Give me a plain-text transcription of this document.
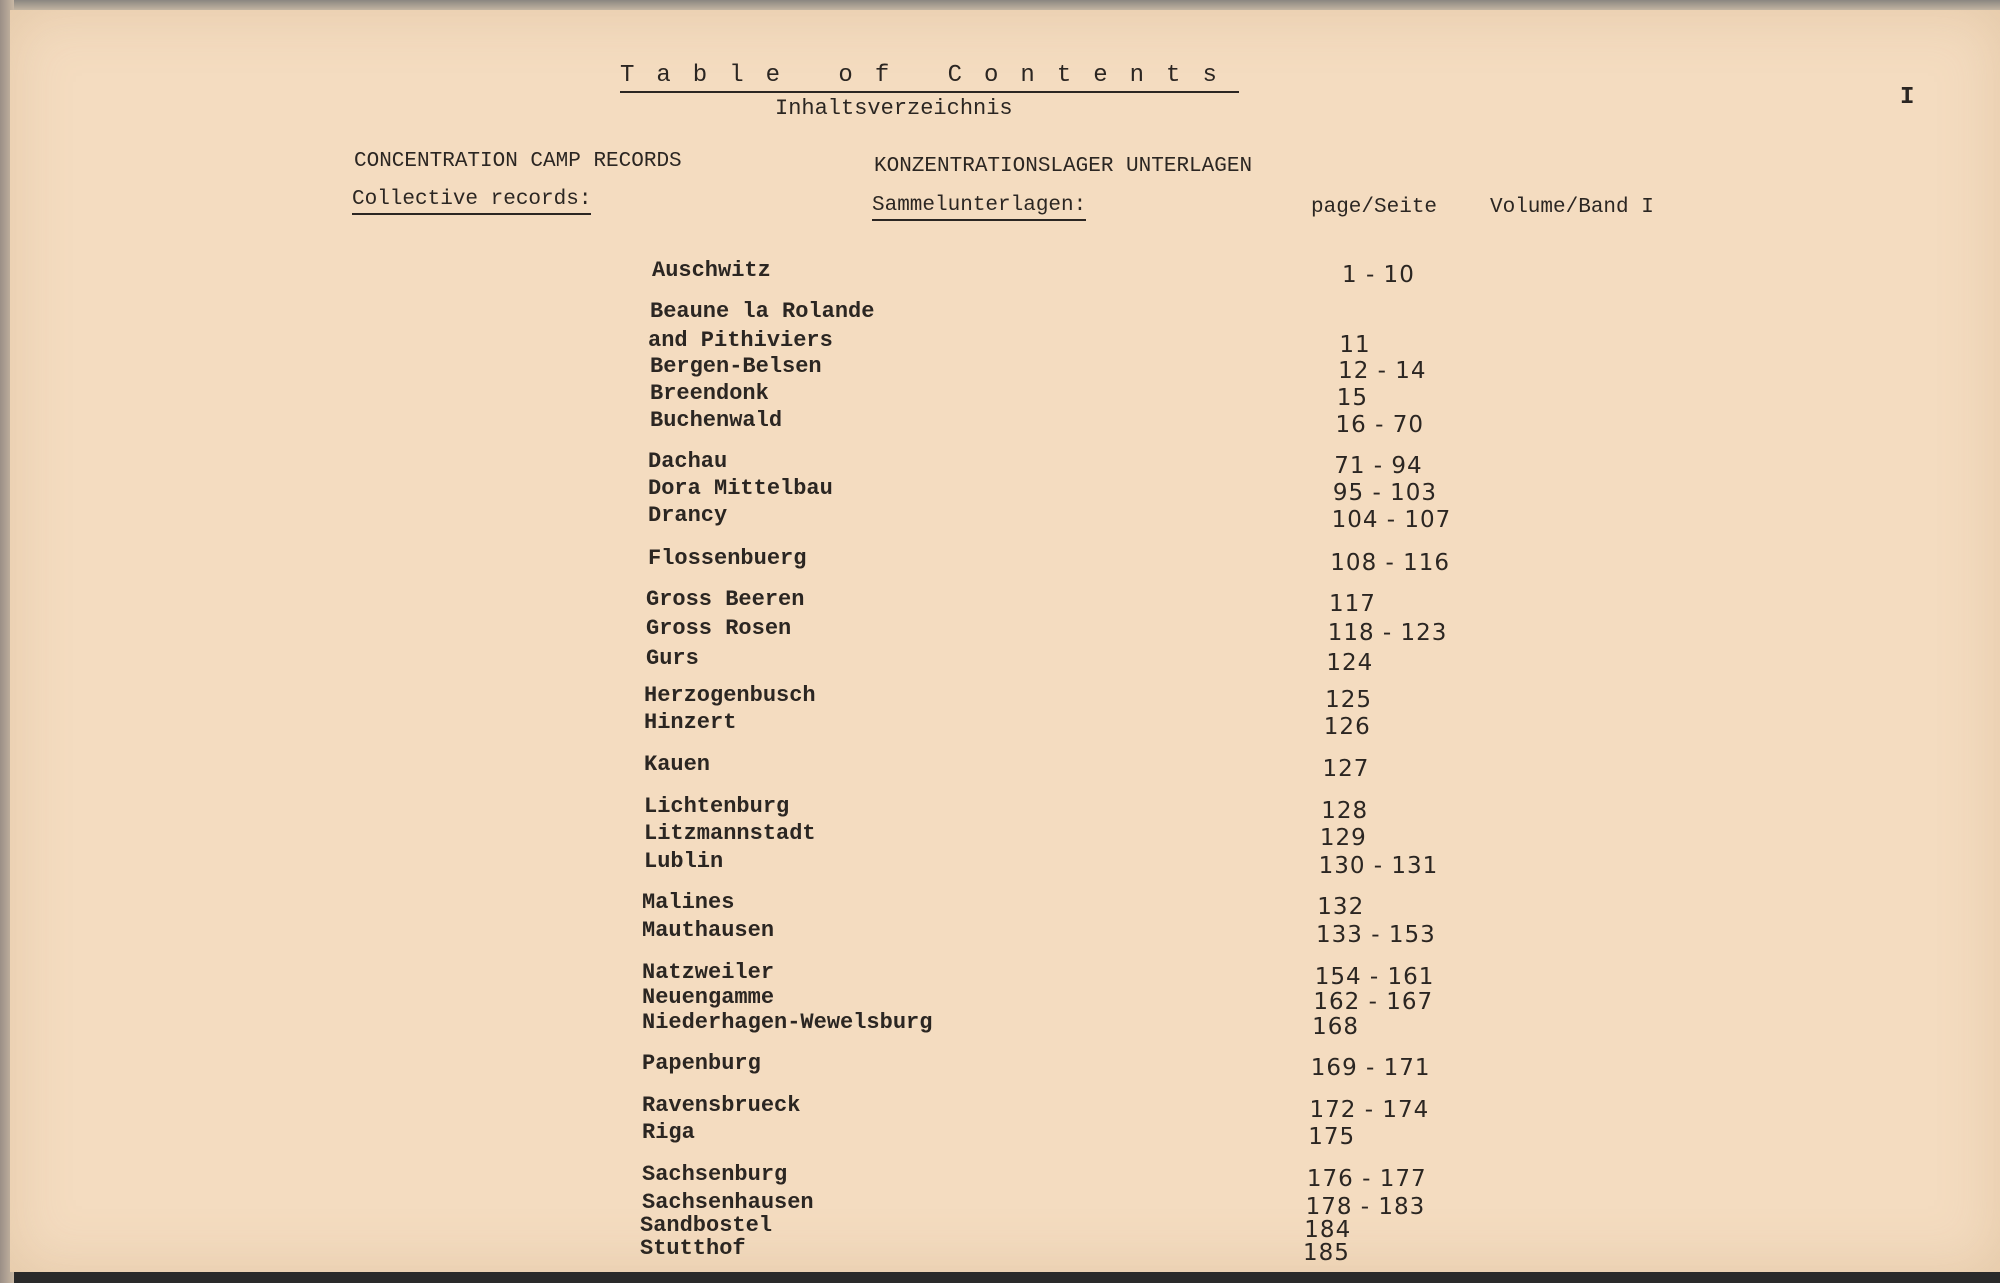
Table of Contents
Inhaltsverzeichnis	I
CONCENTRATION CAMP RECORDS	KONZENTRATIONSLAGER UNTERLAGEN
Collective records:	Sammelunterlagen:	page/Seite	Volume/Band I
Auschwitz	1 - 10
Beaune la Rolande
and Pithiviers	11
Bergen-Belsen	12 - 14
Breendonk	15
Buchenwald	16 - 70
Dachau	71 - 94
Dora Mittelbau	95 - 103
Drancy	104 - 107
Flossenbuerg	108 - 116
Gross Beeren	117
Gross Rosen	118 - 123
Gurs	124
Herzogenbusch	125
Hinzert	126
Kauen	127
Lichtenburg	128
Litzmannstadt	129
Lublin	130 - 131
Malines	132
Mauthausen	133 - 153
Natzweiler	154 - 161
Neuengamme	162 - 167
Niederhagen-Wewelsburg	168
Papenburg	169 - 171
Ravensbrueck	172 - 174
Riga	175
Sachsenburg	176 - 177
Sachsenhausen	178 - 183
Sandbostel	184
Stutthof	185
